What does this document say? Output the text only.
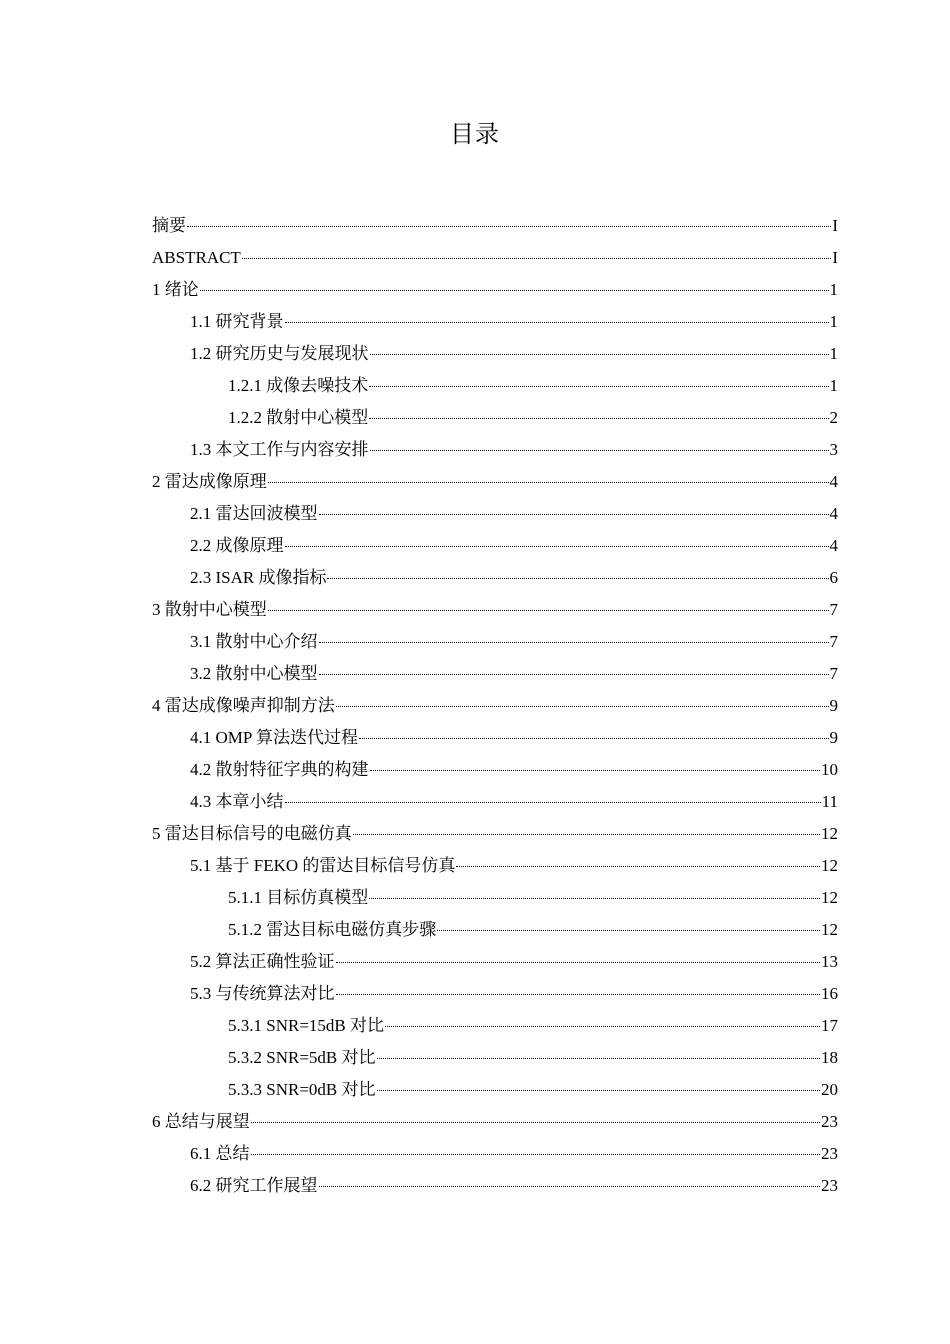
目录
摘要	I
ABSTRACT	I
1 绪论	1
1.1 研究背景	1
1.2 研究历史与发展现状	1
1.2.1 成像去噪技术	1
1.2.2 散射中心模型	2
1.3 本文工作与内容安排	3
2 雷达成像原理	4
2.1 雷达回波模型	4
2.2 成像原理	4
2.3 ISAR 成像指标	6
3 散射中心模型	7
3.1 散射中心介绍	7
3.2 散射中心模型	7
4 雷达成像噪声抑制方法	9
4.1 OMP 算法迭代过程	9
4.2 散射特征字典的构建	10
4.3 本章小结	11
5 雷达目标信号的电磁仿真	12
5.1 基于 FEKO 的雷达目标信号仿真	12
5.1.1 目标仿真模型	12
5.1.2 雷达目标电磁仿真步骤	12
5.2 算法正确性验证	13
5.3 与传统算法对比	16
5.3.1 SNR=15dB 对比	17
5.3.2 SNR=5dB 对比	18
5.3.3 SNR=0dB 对比	20
6 总结与展望	23
6.1 总结	23
6.2 研究工作展望	23
